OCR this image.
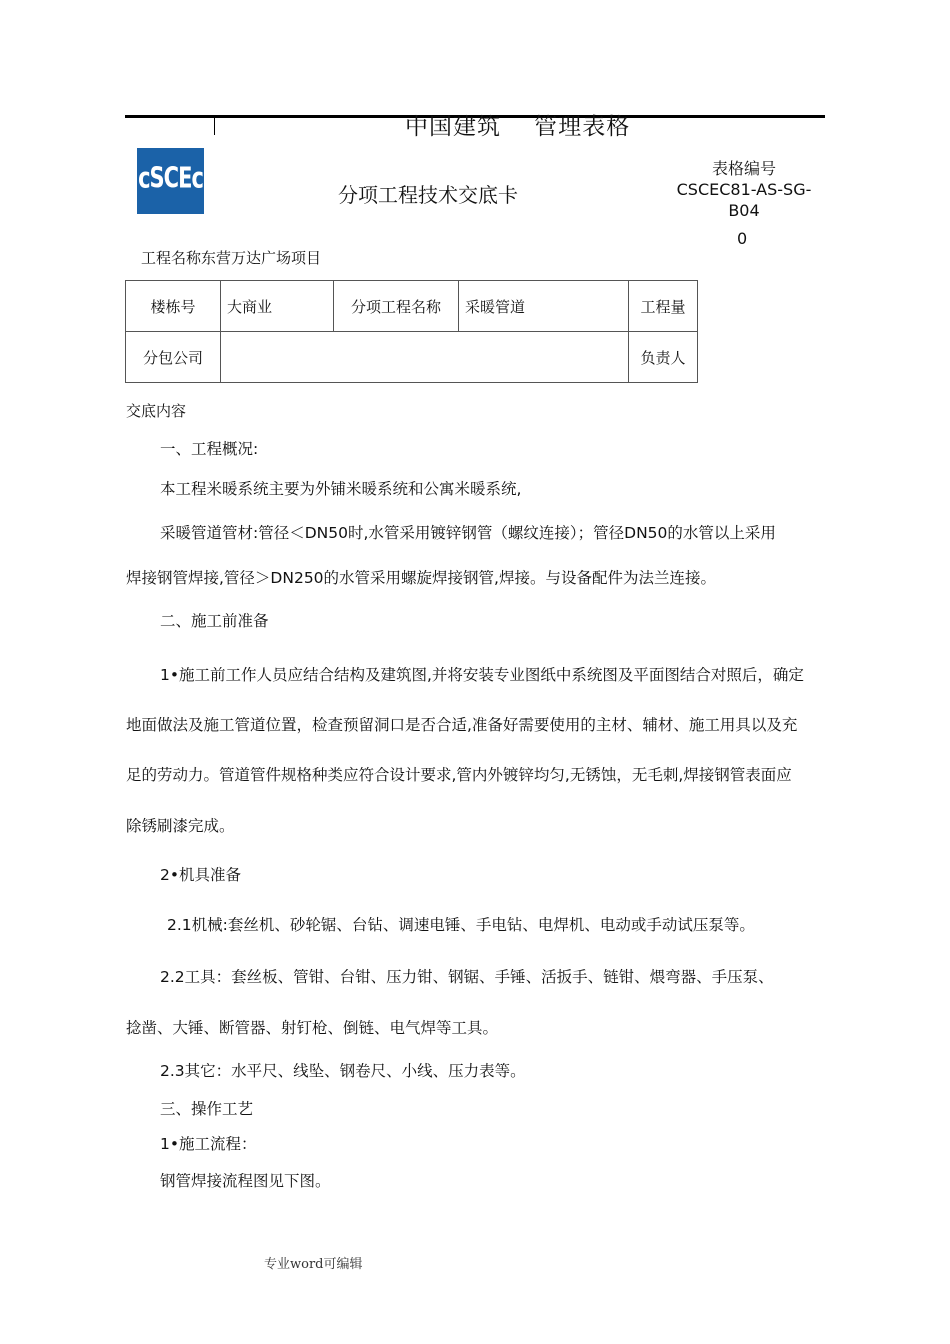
中国建筑    管理表格
cSCEc
分项工程技术交底卡
表格编号
CSCEC81-AS-SG-
B04
0
工程名称东营万达广场项目
楼栋号	大商业	分项工程名称	采暖管道	工程量
分包公司				负责人
交底内容
一、工程概况:
本工程米暖系统主要为外铺米暖系统和公寓米暖系统,
采暖管道管材:管径＜DN50时,水管采用镀锌钢管（螺纹连接）；管径DN50的水管以上采用
焊接钢管焊接,管径＞DN250的水管采用螺旋焊接钢管,焊接。与设备配件为法兰连接。
二、施工前准备
1•施工前工作人员应结合结构及建筑图,并将安装专业图纸中系统图及平面图结合对照后，确定
地面做法及施工管道位置，检查预留洞口是否合适,准备好需要使用的主材、辅材、施工用具以及充
足的劳动力。管道管件规格种类应符合设计要求,管内外镀锌均匀,无锈蚀，无毛刺,焊接钢管表面应
除锈刷漆完成。
2•机具准备
2.1机械:套丝机、砂轮锯、台钻、调速电锤、手电钻、电焊机、电动或手动试压泵等。
2.2工具：套丝板、管钳、台钳、压力钳、钢锯、手锤、活扳手、链钳、煨弯器、手压泵、
捻凿、大锤、断管器、射钉枪、倒链、电气焊等工具。
2.3其它：水平尺、线坠、钢卷尺、小线、压力表等。
三、操作工艺
1•施工流程：
钢管焊接流程图见下图。
专业word可编辑
